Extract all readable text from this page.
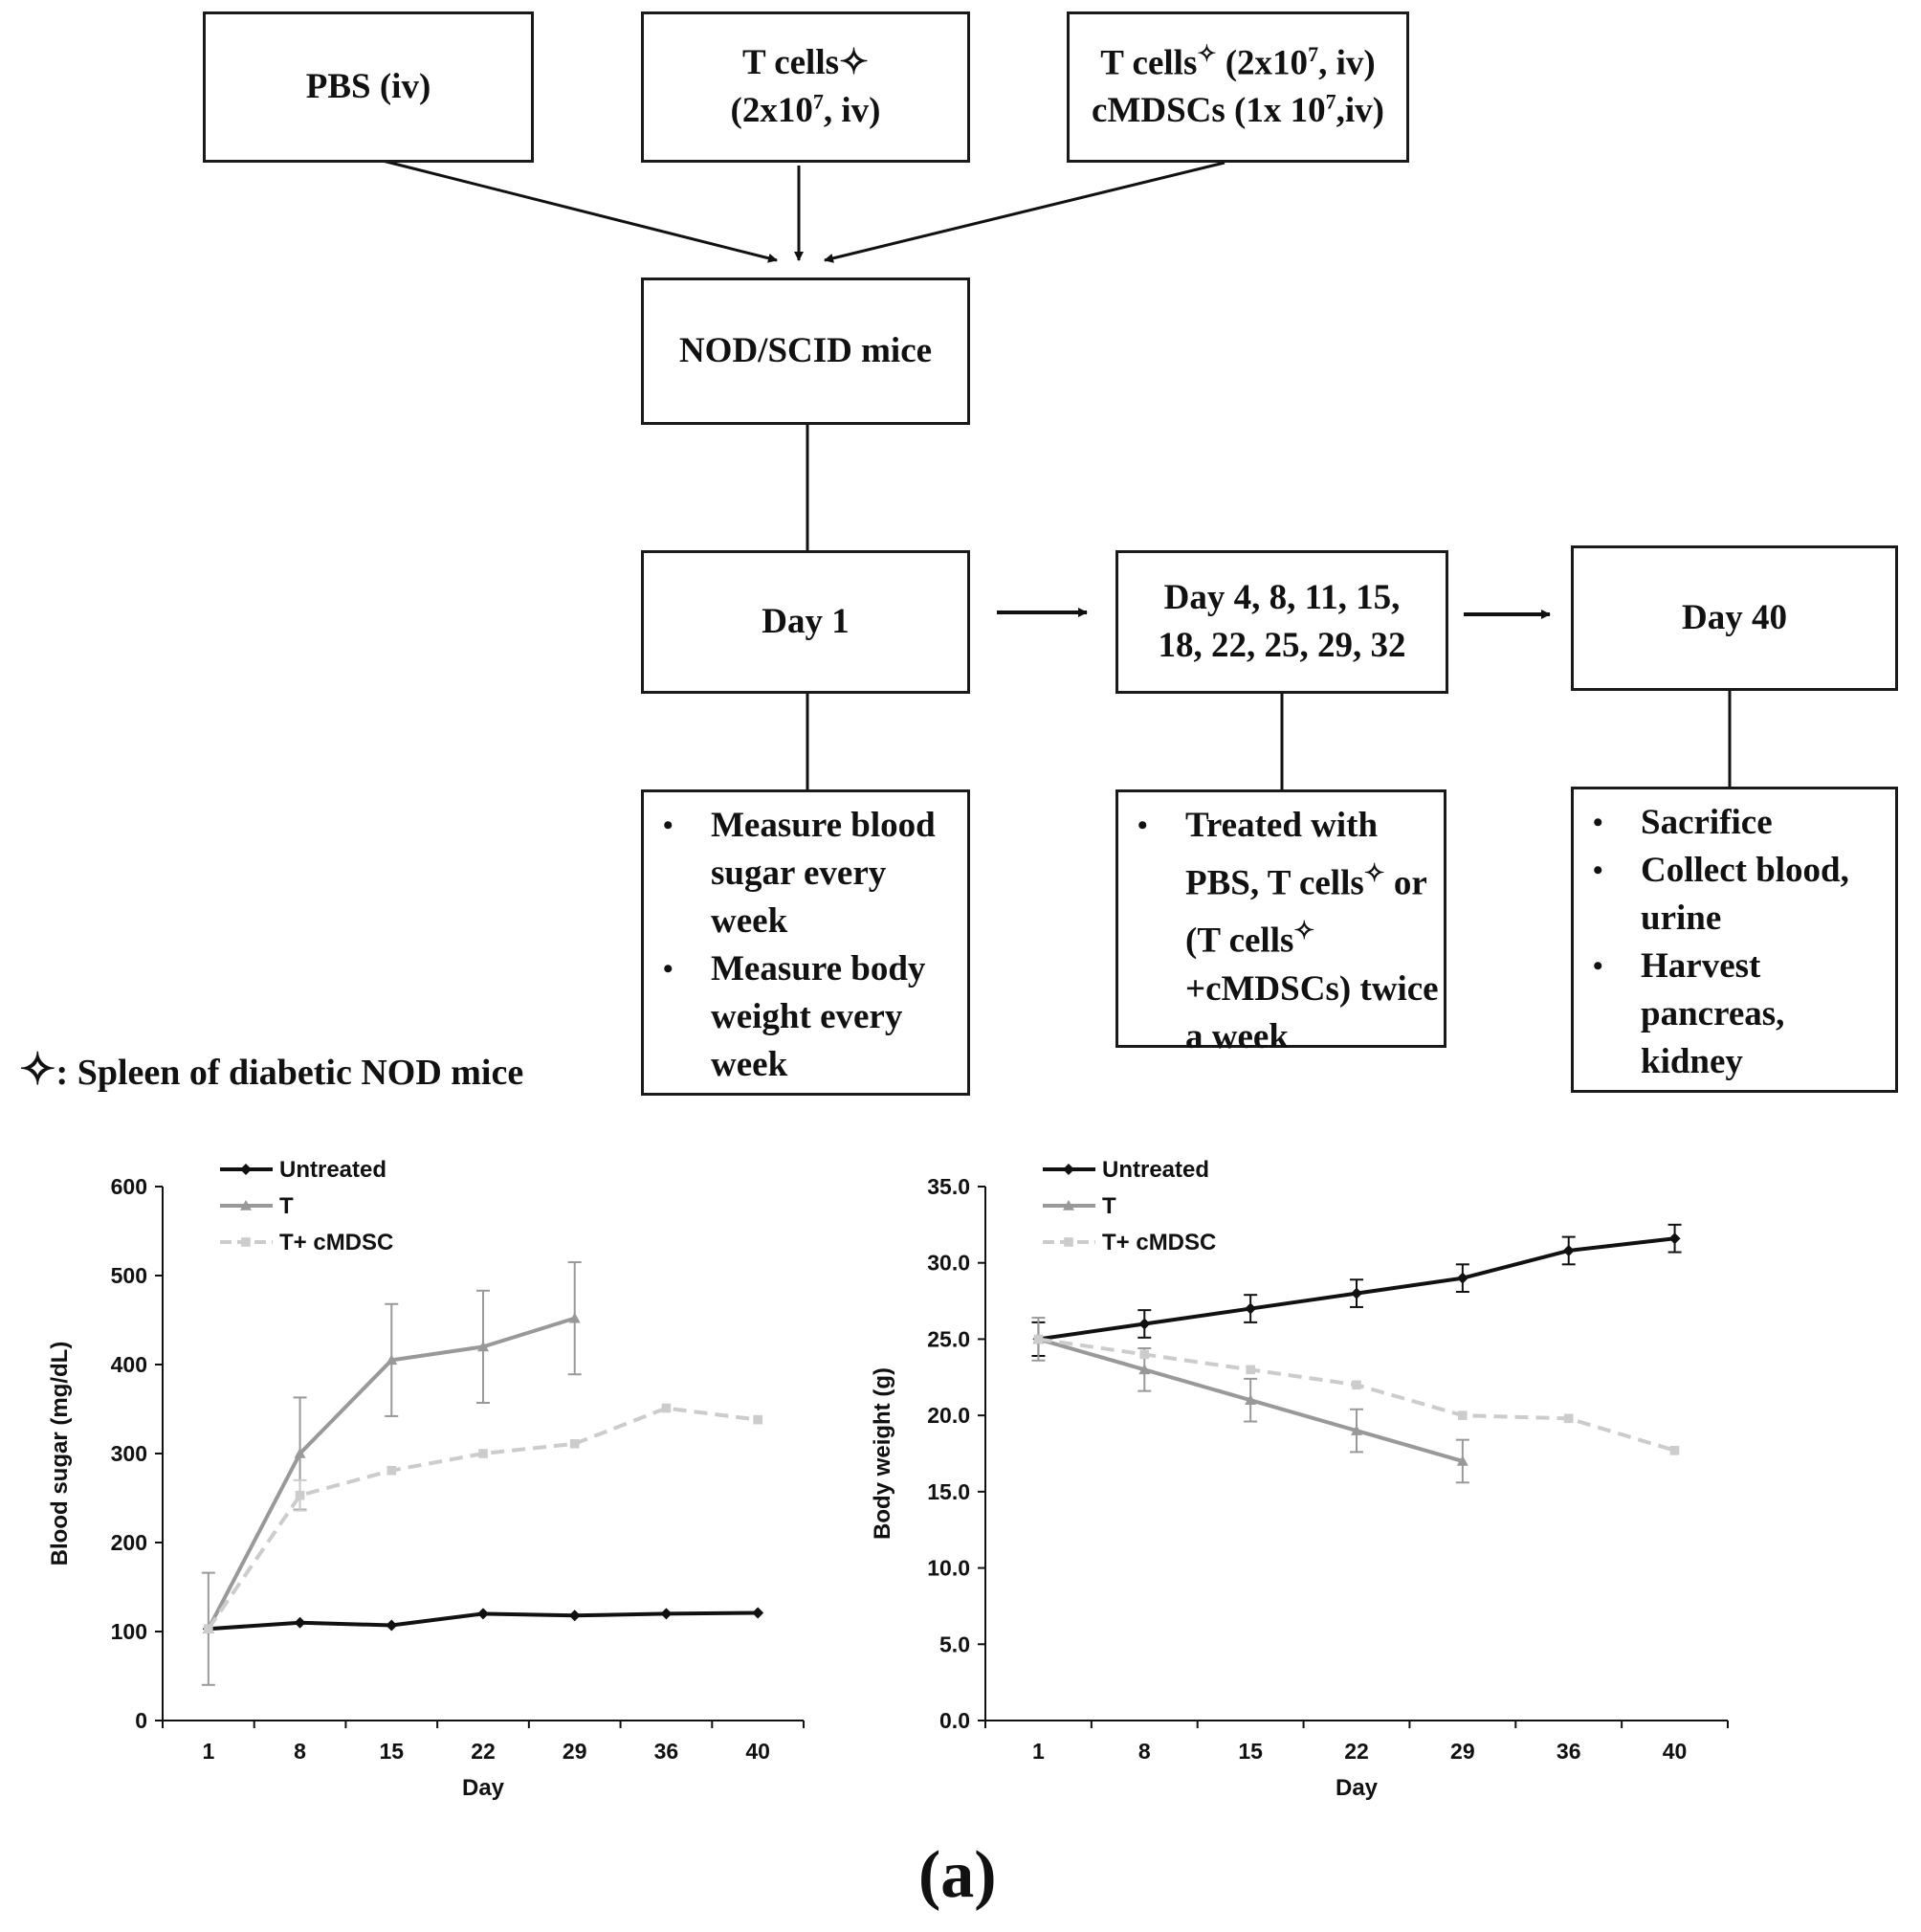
PBS (iv)
T cells✧
($2x10^7$, iv)
T cells✧ ($2x10^7$, iv)
cMDSCs (1x $10^7,iv$)
NOD/SCID mice
Day 1
Day 4, 8, 11, 15,
18, 22, 25, 29, 32
Day 40
• Measure blood sugar every week
• Measure body weight every week
• Treated with PBS, T cells✧ or (T cells✧ +cMDSCs) twice a week
• Sacrifice
• Collect blood, urine
• Harvest pancreas, kidney
✧: Spleen of diabetic NOD mice
0
100
200
300
400
500
600
1	8	15	22	29	36	40
Day
Blood sugar (mg/dL)
Untreated
T
T+ cMDSC
0.0
5.0
10.0
15.0
20.0
25.0
30.0
35.0
1	8	15	22	29	36	40
Day
Body weight (g)
Untreated
T
T+ cMDSC
(a)
